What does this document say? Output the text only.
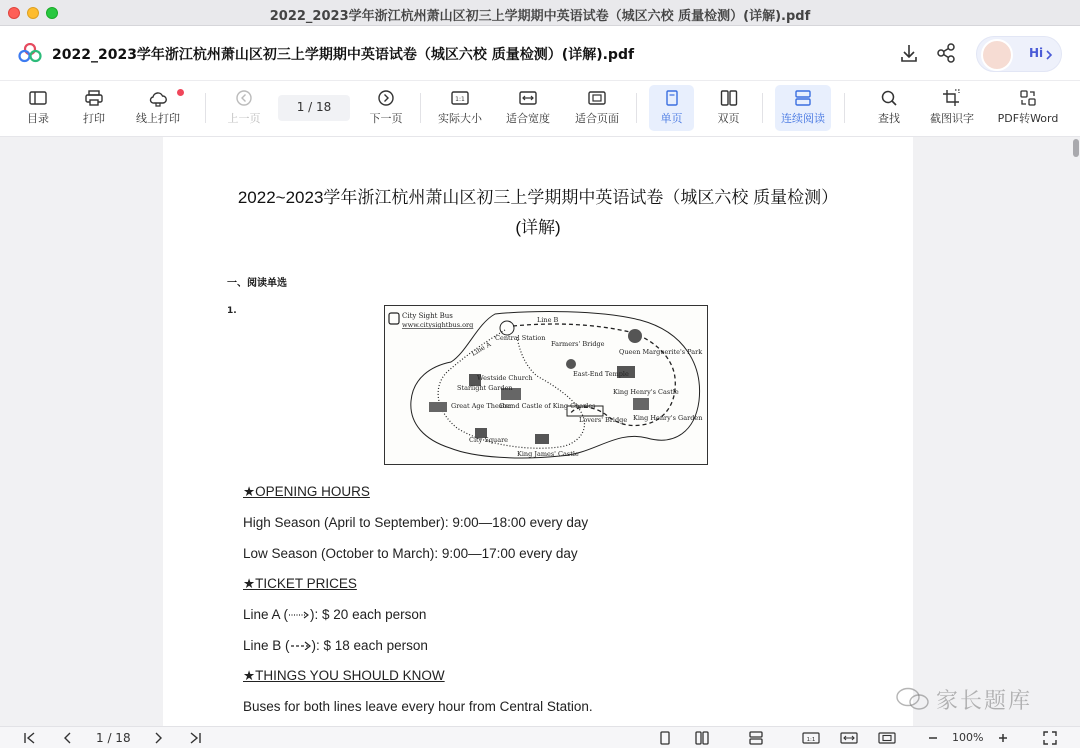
2022_2023学年浙江杭州萧山区初三上学期期中英语试卷（城区六校 质量检测）(详解).pdf
2022_2023学年浙江杭州萧山区初三上学期期中英语试卷（城区六校 质量检测）(详解).pdf	Hi
目录	打印	线上打印	上一页
1 / 18
下一页
1:1
实际大小	适合宽度	适合页面	单页	双页	连续阅读	查找	截图识字	PDF转Word
2022~2023学年浙江杭州萧山区初三上学期期中英语试卷（城区六校 质量检测）
(详解)
一、阅读单选
1.	City Sight Bus
www.citysightbus.org
Central Station
Line B
Line A	Farmers' Bridge
Queen Marguerite's Park
Westside Church	East-End Temple
Starlight Garden	King Henry's Castle
Great Age Theater
Grand Castle of King Charles
Lovers' Bridge King Henry's Garden
City Square
King James' Castle
★OPENING HOURS
High Season (April to September): 9:00—18:00 every day
Low Season (October to March): 9:00—17:00 every day
★TICKET PRICES
Line A ( ): $ 20 each person
Line B ( ): $ 18 each person
★THINGS YOU SHOULD KNOW
Buses for both lines leave every hour from Central Station.	家长题库
1 / 18	1:1	100%
